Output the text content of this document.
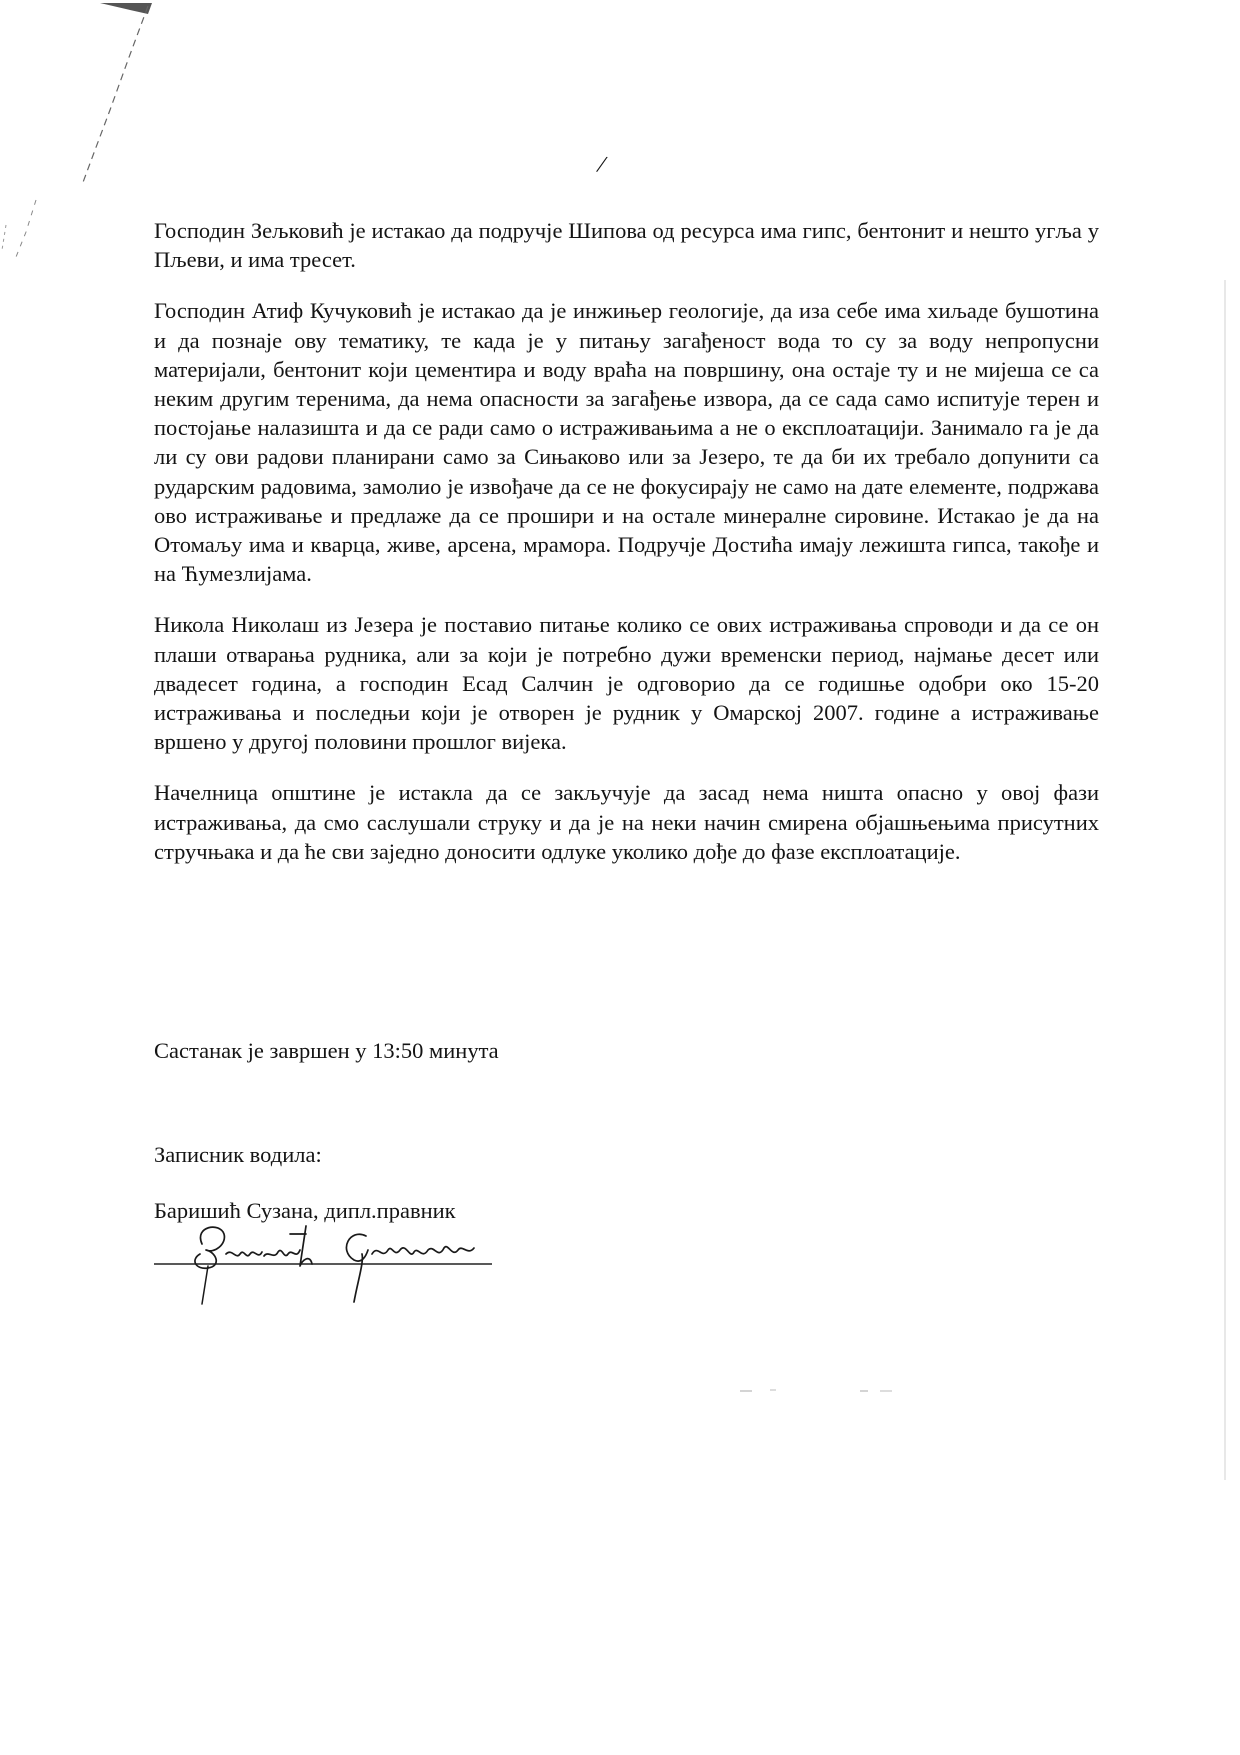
/

Господин Зељковић је истакао да подручје Шипова од ресурса има гипс, бентонит и нешто угља у Пљеви, и има тресет.

Господин Атиф Кучуковић је истакао да је инжињер геологије, да иза себе има хиљаде бушотина и да познаје ову тематику, те када је у питању загађеност вода то су за воду непропусни материјали, бентонит који цементира и воду враћа на површину, она остаје ту и не мијеша се са неким другим теренима, да нема опасности за загађење извора, да се сада само испитује терен и постојање налазишта и да се ради само о истраживањима а не о експлоатацији. Занимало га је да ли су ови радови планирани само за Сињаково или за Језеро, те да би их требало допунити са рударским радовима, замолио је извођаче да се не фокусирају не само на дате елементе, подржава ово истраживање и предлаже да се прошири и на остале минералне сировине. Истакао је да на Отомаљу има и кварца, живе, арсена, мрамора. Подручје Достића имају лежишта гипса, такође и на Ћумезлијама.

Никола Николаш из Језера је поставио питање колико се ових истраживања спроводи и да се он плаши отварања рудника, али за који је потребно дужи временски период, најмање десет или двадесет година, а господин Есад Салчин је одговорио да се годишње одобри око 15-20 истраживања и последњи који је отворен је рудник у Омарској 2007. године а истраживање вршено у другој половини прошлог вијека.

Начелница општине је истакла да се закључује да засад нема ништа опасно у овој фази истраживања, да смо саслушали струку и да је на неки начин смирена објашњењима присутних стручњака и да ће сви заједно доносити одлуке уколико дође до фазе експлоатације.

Састанак је завршен у 13:50 минута

Записник водила:

Баришић Сузана, дипл.правник
